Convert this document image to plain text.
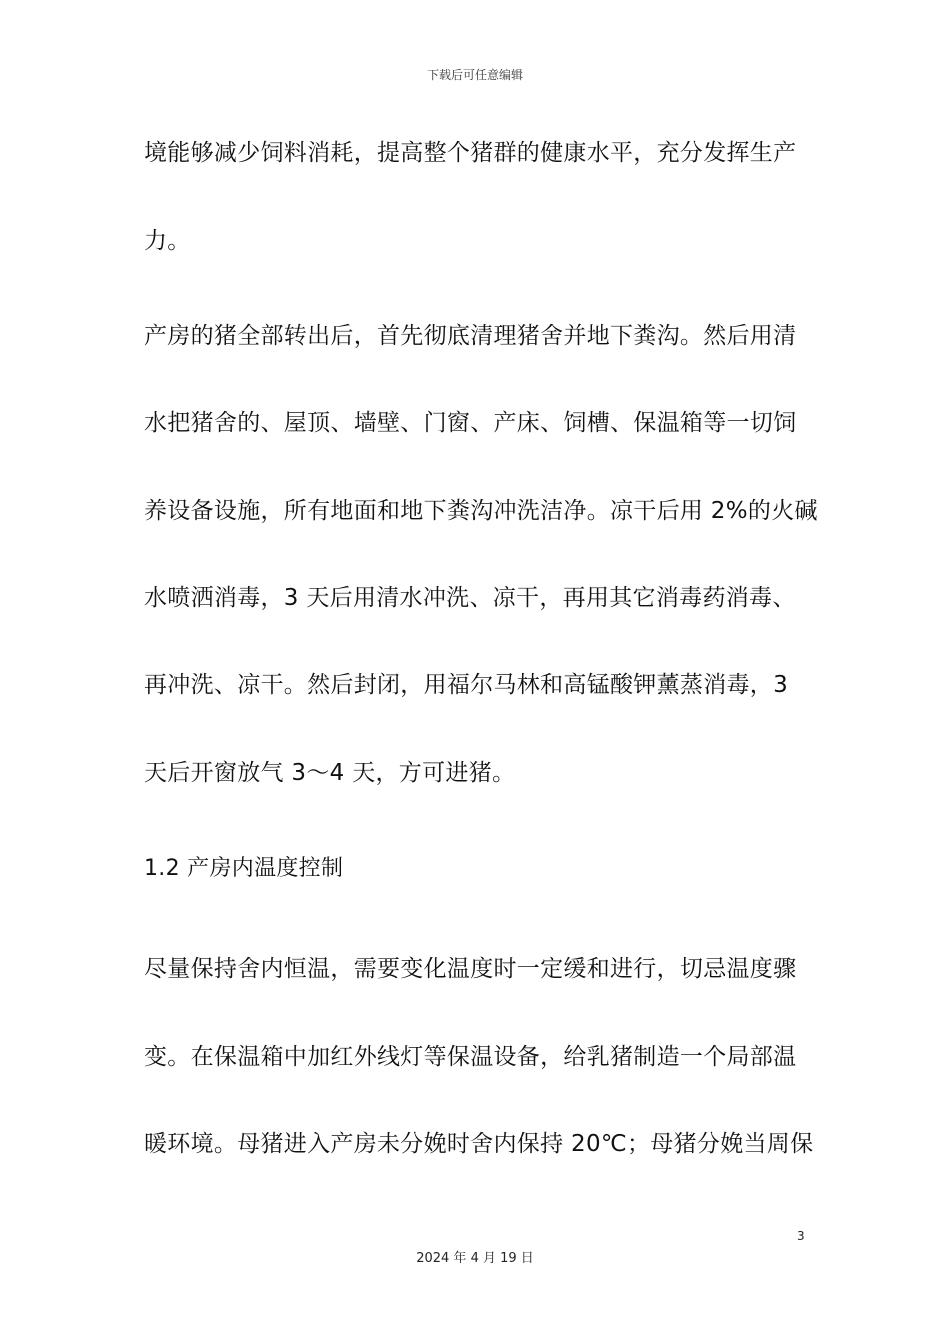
下载后可任意编辑
境能够减少饲料消耗，提高整个猪群的健康水平，充分发挥生产
力。
产房的猪全部转出后，首先彻底清理猪舍并地下粪沟。然后用清
水把猪舍的、屋顶、墙壁、门窗、产床、饲槽、保温箱等一切饲
养设备设施，所有地面和地下粪沟冲洗洁净。凉干后用 2%的火碱
水喷洒消毒，3 天后用清水冲洗、凉干，再用其它消毒药消毒、
再冲洗、凉干。然后封闭，用福尔马林和高锰酸钾薰蒸消毒，3
天后开窗放气 3～4 天，方可进猪。
1.2 产房内温度控制
尽量保持舍内恒温，需要变化温度时一定缓和进行，切忌温度骤
变。在保温箱中加红外线灯等保温设备，给乳猪制造一个局部温
暖环境。母猪进入产房未分娩时舍内保持 20℃；母猪分娩当周保
3
2024 年 4 月 19 日
